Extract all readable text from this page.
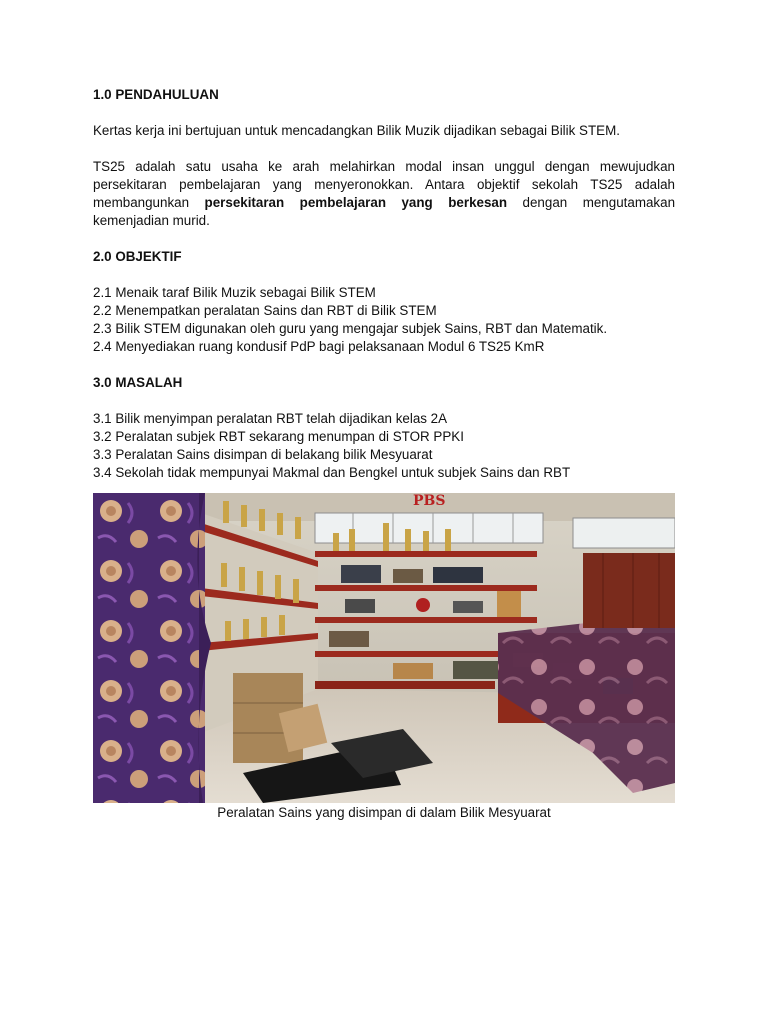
1.0 PENDAHULUAN

Kertas kerja ini bertujuan untuk mencadangkan Bilik Muzik dijadikan sebagai Bilik STEM.

TS25 adalah satu usaha ke arah melahirkan modal insan unggul dengan mewujudkan persekitaran pembelajaran yang menyeronokkan. Antara objektif sekolah TS25 adalah membangunkan persekitaran pembelajaran yang berkesan dengan mengutamakan kemenjadian murid.

2.0 OBJEKTIF

2.1 Menaik taraf Bilik Muzik sebagai Bilik STEM
2.2 Menempatkan peralatan Sains dan RBT di Bilik STEM
2.3 Bilik STEM digunakan oleh guru yang mengajar subjek Sains, RBT dan Matematik.
2.4 Menyediakan ruang kondusif PdP bagi pelaksanaan Modul 6 TS25 KmR

3.0 MASALAH

3.1 Bilik menyimpan peralatan RBT telah dijadikan kelas 2A
3.2 Peralatan subjek RBT sekarang menumpan di STOR PPKI
3.3 Peralatan Sains disimpan di belakang bilik Mesyuarat
3.4 Sekolah tidak mempunyai Makmal dan Bengkel untuk subjek Sains dan RBT
PBS
Peralatan Sains yang disimpan di dalam Bilik Mesyuarat
